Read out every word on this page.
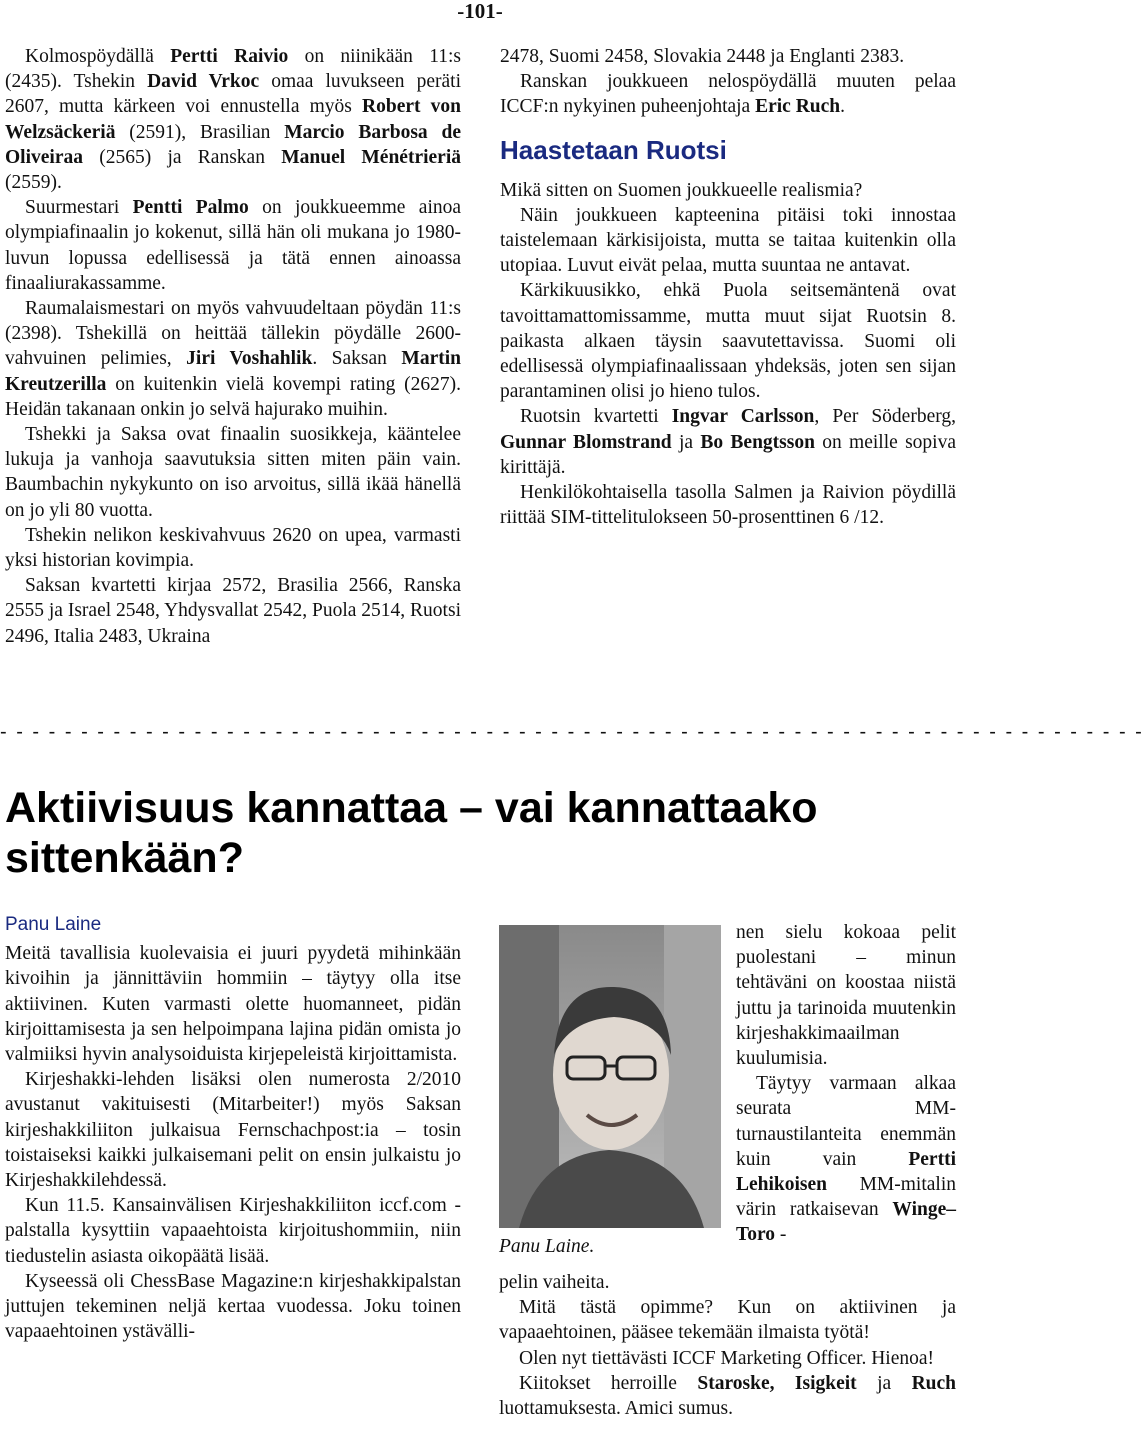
-101-

Kolmospöydällä Pertti Raivio on niinikään 11:s (2435). Tshekin David Vrkoc omaa luvukseen peräti 2607, mutta kärkeen voi ennustella myös Robert von Welzsäckeriä (2591), Brasilian Marcio Barbosa de Oliveiraa (2565) ja Ranskan Manuel Ménétrieriä (2559).

Suurmestari Pentti Palmo on joukkueemme ainoa olympiafinaalin jo kokenut, sillä hän oli mukana jo 1980-luvun lopussa edellisessä ja tätä ennen ainoassa finaaliurakassamme.

Raumalaismestari on myös vahvuudeltaan pöydän 11:s (2398). Tshekillä on heittää tällekin pöydälle 2600-vahvuinen pelimies, Jiri Voshahlik. Saksan Martin Kreutzerilla on kuitenkin vielä kovempi rating (2627). Heidän takanaan onkin jo selvä hajurako muihin.

Tshekki ja Saksa ovat finaalin suosikkeja, kääntelee lukuja ja vanhoja saavutuksia sitten miten päin vain. Baumbachin nykykunto on iso arvoitus, sillä ikää hänellä on jo yli 80 vuotta.

Tshekin nelikon keskivahvuus 2620 on upea, varmasti yksi historian kovimpia.

Saksan kvartetti kirjaa 2572, Brasilia 2566, Ranska 2555 ja Israel 2548, Yhdysvallat 2542, Puola 2514, Ruotsi 2496, Italia 2483, Ukraina

2478, Suomi 2458, Slovakia 2448 ja Englanti 2383.

Ranskan joukkueen nelospöydällä muuten pelaa ICCF:n nykyinen puheenjohtaja Eric Ruch.

Haastetaan Ruotsi

Mikä sitten on Suomen joukkueelle realismia?

Näin joukkueen kapteenina pitäisi toki innostaa taistelemaan kärkisijoista, mutta se taitaa kuitenkin olla utopiaa. Luvut eivät pelaa, mutta suuntaa ne antavat.

Kärkikuusikko, ehkä Puola seitsemäntenä ovat tavoittamattomissamme, mutta muut sijat Ruotsin 8. paikasta alkaen täysin saavutettavissa. Suomi oli edellisessä olympiafinaalissaan yhdeksäs, joten sen sijan parantaminen olisi jo hieno tulos.

Ruotsin kvartetti Ingvar Carlsson, Per Söderberg, Gunnar Blomstrand ja Bo Bengtsson on meille sopiva kirittäjä.

Henkilökohtaisella tasolla Salmen ja Raivion pöydillä riittää SIM-tittelitulokseen 50-prosenttinen 6 /12.

- - - - - - - - - - - - - - - - - - - - - - - - - - - - - - - - - - - - - - - - - - - - - - - - - - - - - - - - - - - - - - - - - - - - - - -
Aktiivisuus kannattaa – vai kannattaako sittenkään?
Panu Laine

Meitä tavallisia kuolevaisia ei juuri pyydetä mihinkään kivoihin ja jännittäviin hommiin – täytyy olla itse aktiivinen. Kuten varmasti olette huomanneet, pidän kirjoittamisesta ja sen helpoimpana lajina pidän omista jo valmiiksi hyvin analysoiduista kirjepeleistä kirjoittamista.

Kirjeshakki-lehden lisäksi olen numerosta 2/2010 avustanut vakituisesti (Mitarbeiter!) myös Saksan kirjeshakkiliiton julkaisua Fernschachpost:ia – tosin toistaiseksi kaikki julkaisemani pelit on ensin julkaistu jo Kirjeshakkilehdessä.

Kun 11.5. Kansainvälisen Kirjeshakkiliiton iccf.com -palstalla kysyttiin vapaaehtoista kirjoitushommiin, niin tiedustelin asiasta oikopäätä lisää.

Kyseessä oli ChessBase Magazine:n kirjeshakkipalstan juttujen tekeminen neljä kertaa vuodessa. Joku toinen vapaaehtoinen ystävälli-

Panu Laine.

nen sielu kokoaa pelit puolestani – minun tehtäväni on koostaa niistä juttu ja tarinoida muutenkin kirjeshakkimaailman kuulumisia.

Täytyy varmaan alkaa seurata MM-turnaustilanteita enemmän kuin vain Pertti Lehikoisen MM-mitalin värin ratkaisevan Winge–Toro -

pelin vaiheita.

Mitä tästä opimme? Kun on aktiivinen ja vapaaehtoinen, pääsee tekemään ilmaista työtä!

Olen nyt tiettävästi ICCF Marketing Officer. Hienoa!

Kiitokset herroille Staroske, Isigkeit ja Ruch luottamuksesta. Amici sumus.
